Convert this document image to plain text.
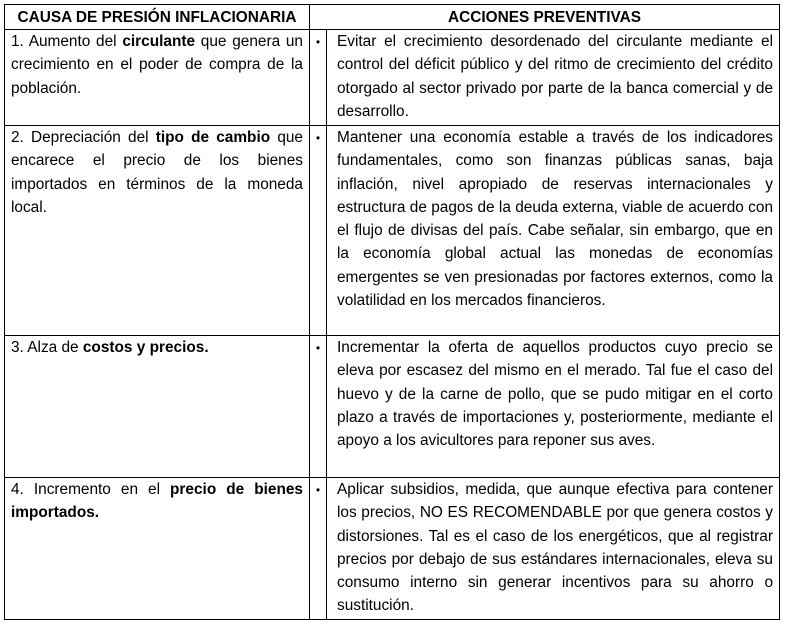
CAUSA DE PRESIÓN INFLACIONARIA	ACCIONES PREVENTIVAS	
1. Aumento del circulante que genera un crecimiento en el poder de compra de la población.	•	Evitar el crecimiento desordenado del circulante mediante el control del déficit público y del ritmo de crecimiento del crédito otorgado al sector privado por parte de la banca comercial y de desarrollo.
2. Depreciación del tipo de cambio que encarece el precio de los bienes importados en términos de la moneda local.	•	Mantener una economía estable a través de los indicadores fundamentales, como son finanzas públicas sanas, baja inflación, nivel apropiado de reservas internacionales y estructura de pagos de la deuda externa, viable de acuerdo con el flujo de divisas del país. Cabe señalar, sin embargo, que en la economía global actual las monedas de economías emergentes se ven presionadas por factores externos, como la volatilidad en los mercados financieros.
3. Alza de costos y precios.	•	Incrementar la oferta de aquellos productos cuyo precio se eleva por escasez del mismo en el merado. Tal fue el caso del huevo y de la carne de pollo, que se pudo mitigar en el corto plazo a través de importaciones y, posteriormente, mediante el apoyo a los avicultores para reponer sus aves.
4. Incremento en el precio de bienes importados.	•	Aplicar subsidios, medida, que aunque efectiva para contener los precios, NO ES RECOMENDABLE por que genera costos y distorsiones. Tal es el caso de los energéticos, que al registrar precios por debajo de sus estándares internacionales, eleva su consumo interno sin generar incentivos para su ahorro o sustitución.
